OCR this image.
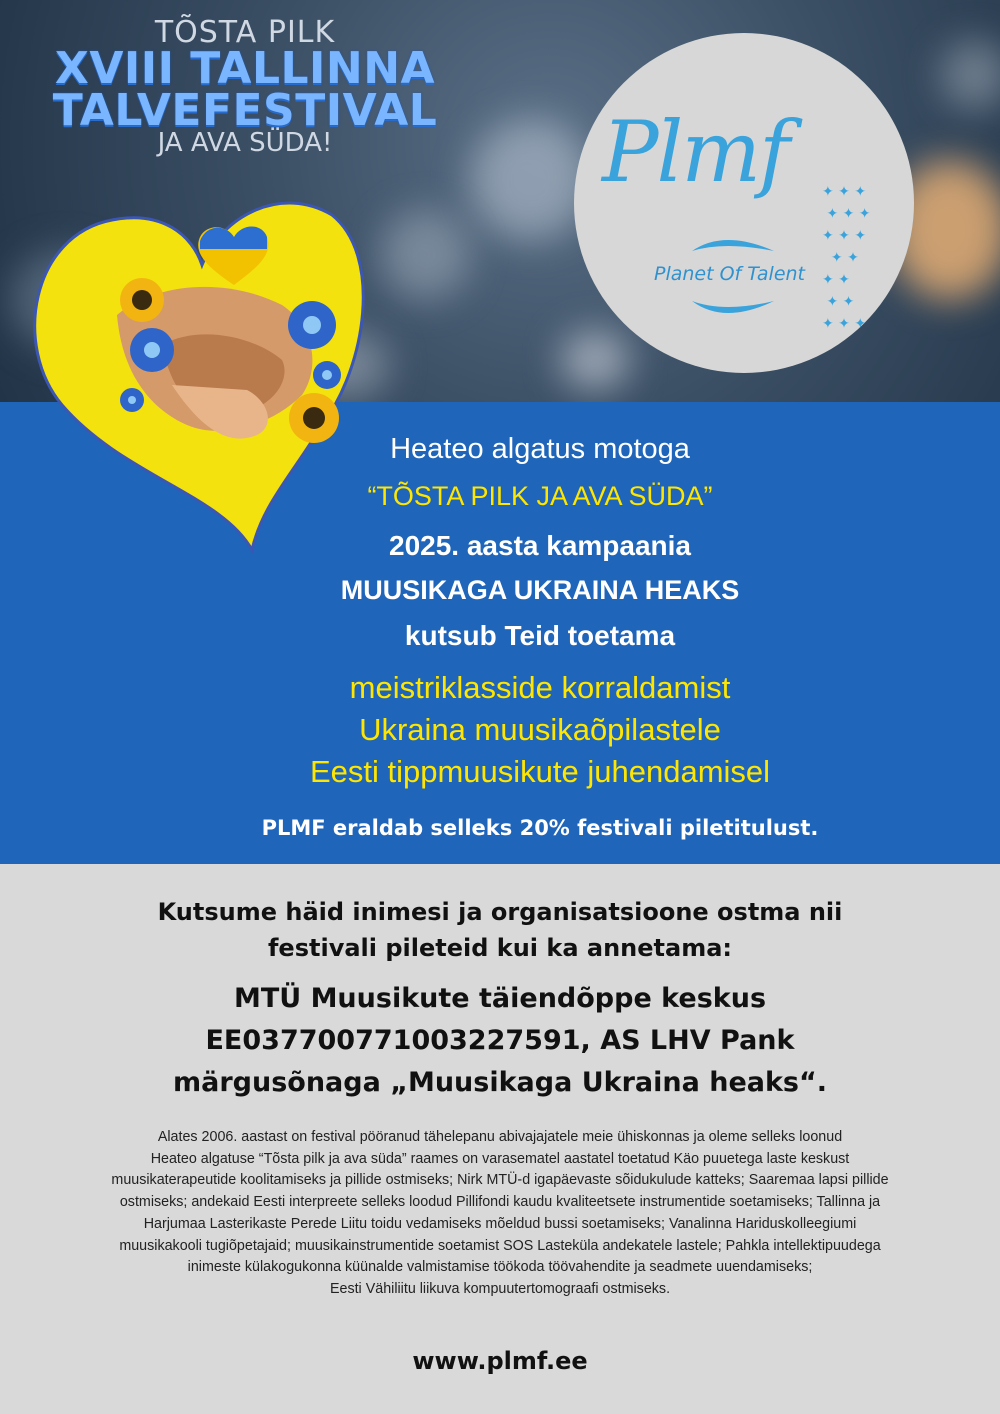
TÕSTA PILK
XVIII TALLINNA
TALVEFESTIVAL
JA AVA SÜDA!	Plmf
Planet Of Talent
✦ ✦ ✦
✦ ✦ ✦
✦ ✦ ✦
✦ ✦
✦ ✦
✦ ✦
✦ ✦ ✦
Heateo algatus motoga
“TÕSTA PILK JA AVA SÜDA”
2025. aasta kampaania
MUUSIKAGA UKRAINA HEAKS
kutsub Teid toetama
meistriklasside korraldamist
Ukraina muusikaõpilastele
Eesti tippmuusikute juhendamisel
PLMF eraldab selleks 20% festivali piletitulust.
Kutsume häid inimesi ja organisatsioone ostma nii
festivali pileteid kui ka annetama:
MTÜ Muusikute täiendõppe keskus
EE037700771003227591, AS LHV Pank
märgusõnaga „Muusikaga Ukraina heaks“.
Alates 2006. aastast on festival pööranud tähelepanu abivajajatele meie ühiskonnas ja oleme selleks loonud
Heateo algatuse “Tõsta pilk ja ava süda” raames on varasematel aastatel toetatud Käo puuetega laste keskust
muusikaterapeutide koolitamiseks ja pillide ostmiseks; Nirk MTÜ-d igapäevaste sõidukulude katteks; Saaremaa lapsi pillide
ostmiseks; andekaid Eesti interpreete selleks loodud Pillifondi kaudu kvaliteetsete instrumentide soetamiseks; Tallinna ja
Harjumaa Lasterikaste Perede Liitu toidu vedamiseks mõeldud bussi soetamiseks; Vanalinna Hariduskolleegiumi
muusikakooli tugiõpetajaid; muusikainstrumentide soetamist SOS Lasteküla andekatele lastele; Pahkla intellektipuudega
inimeste külakogukonna küünalde valmistamise töökoda töövahendite ja seadmete uuendamiseks;
Eesti Vähiliitu liikuva kompuutertomograafi ostmiseks.
www.plmf.ee
